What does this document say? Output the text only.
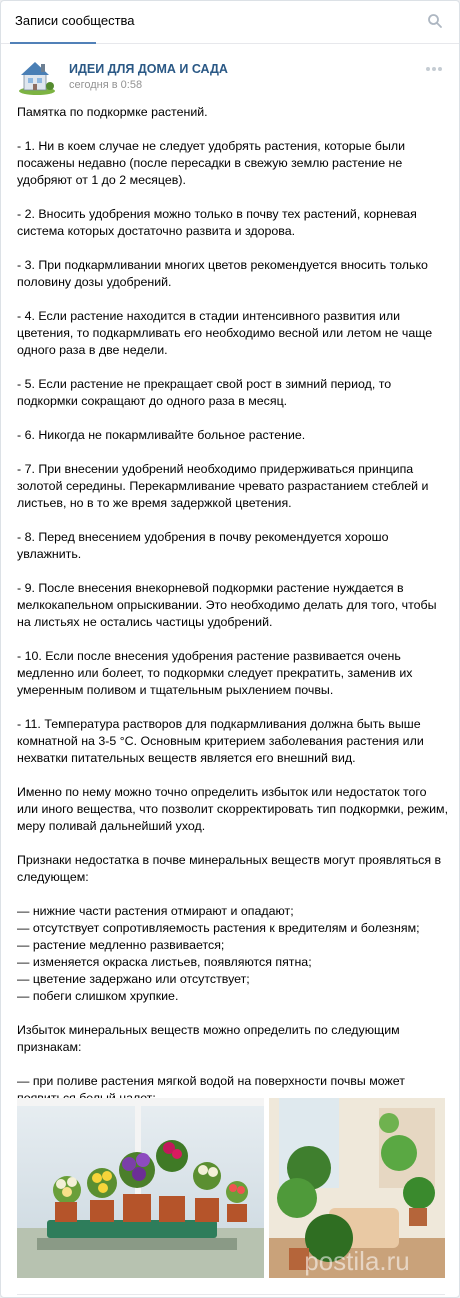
Записи сообщества
ИДЕИ ДЛЯ ДОМА И САДА
сегодня в 0:58
Памятка по подкормке растений.

- 1. Ни в коем случае не следует удобрять растения, которые были посажены недавно (после пересадки в свежую землю растение не удобряют от 1 до 2 месяцев).

- 2. Вносить удобрения можно только в почву тех растений, корневая система которых достаточно развита и здорова.

- 3. При подкармливании многих цветов рекомендуется вносить только половину дозы удобрений.

- 4. Если растение находится в стадии интенсивного развития или цветения, то подкармливать его необходимо весной или летом не чаще одного раза в две недели.

- 5. Если растение не прекращает свой рост в зимний период, то подкормки сокращают до одного раза в месяц.

- 6. Никогда не покармливайте больное растение.

- 7. При внесении удобрений необходимо придерживаться принципа золотой середины. Перекармливание чревато разрастанием стеблей и листьев, но в то же время задержкой цветения.

- 8. Перед внесением удобрения в почву рекомендуется хорошо увлажнить.

- 9. После внесения внекорневой подкормки растение нуждается в мелкокапельном опрыскивании. Это необходимо делать для того, чтобы на листьях не остались частицы удобрений.

- 10. Если после внесения удобрения растение развивается очень медленно или болеет, то подкормки следует прекратить, заменив их умеренным поливом и тщательным рыхлением почвы.

- 11. Температура растворов для подкармливания должна быть выше комнатной на 3-5 °С. Основным критерием заболевания растения или нехватки питательных веществ является его внешний вид.

Именно по нему можно точно определить избыток или недостаток того или иного вещества, что позволит скорректировать тип подкормки, режим, меру поливай дальнейший уход.

Признаки недостатка в почве минеральных веществ могут проявляться в следующем:

— нижние части растения отмирают и опадают;
— отсутствует сопротивляемость растения к вредителям и болезням;
— растение медленно развивается;
— изменяется окраска листьев, появляются пятна;
— цветение задержано или отсутствует;
— побеги слишком хрупкие.

Избыток минеральных веществ можно определить по следующим признакам:

— при поливе растения мягкой водой на поверхности почвы может
postila.ru
